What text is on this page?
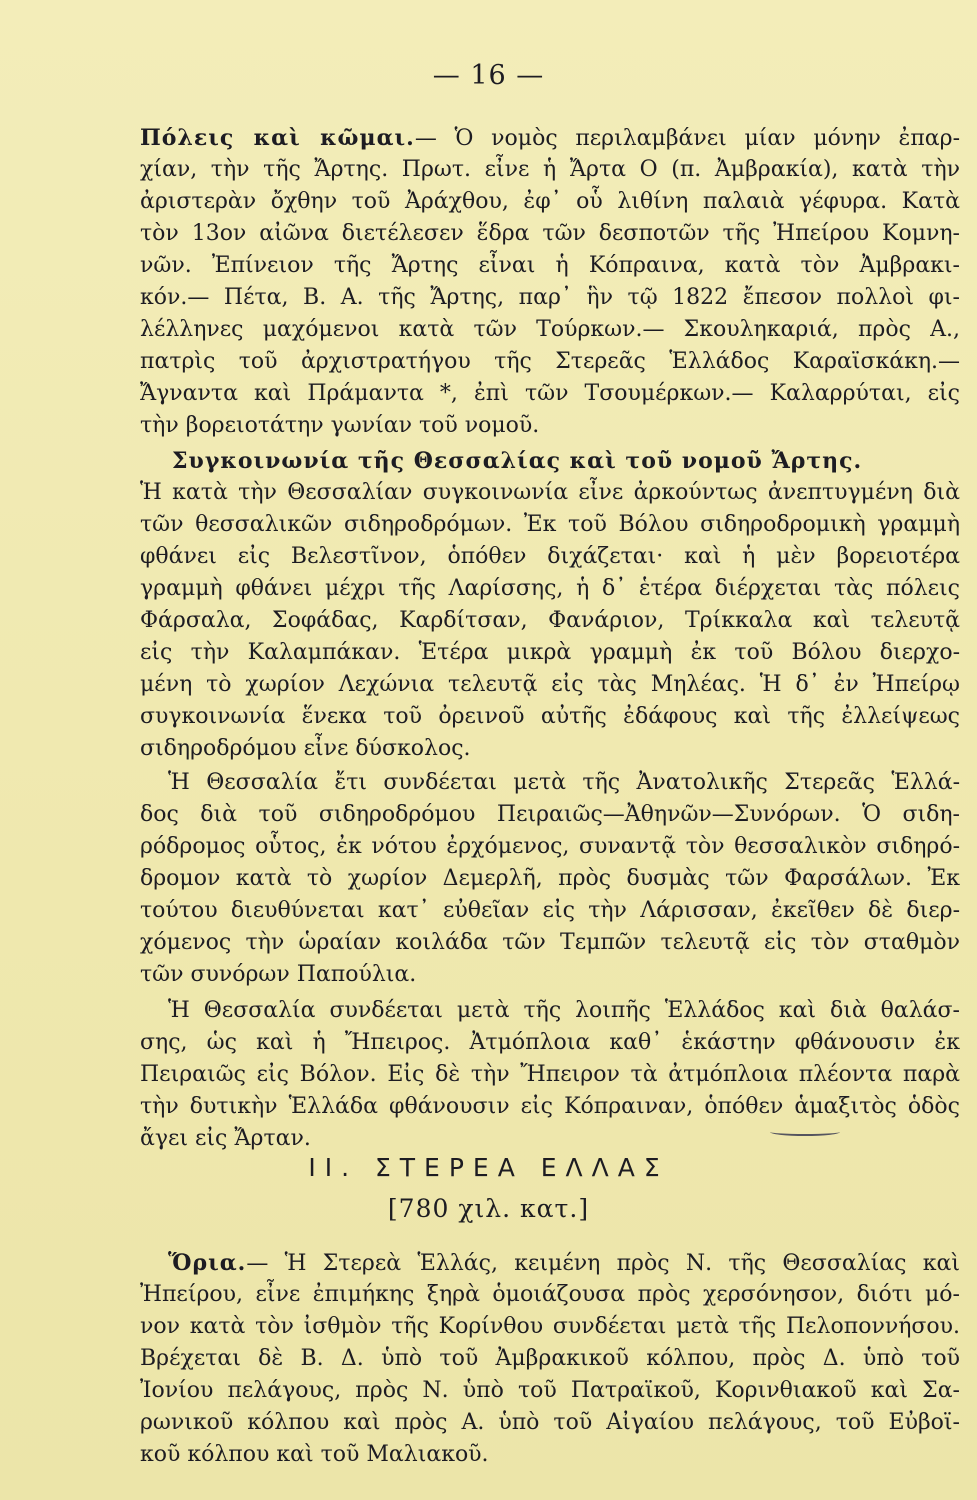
— 16 —
Πόλεις καὶ κῶμαι.— Ὁ νομὸς περιλαμβάνει μίαν μόνην ἐπαρ-
χίαν, τὴν τῆς Ἄρτης. Πρωτ. εἶνε ἡ Ἄρτα Ο (π. Ἀμβρακία), κατὰ τὴν
ἀριστερὰν ὄχθην τοῦ Ἀράχθου, ἐφ᾽ οὗ λιθίνη παλαιὰ γέφυρα. Κατὰ
τὸν 13ον αἰῶνα διετέλεσεν ἕδρα τῶν δεσποτῶν τῆς Ἠπείρου Κομνη-
νῶν. Ἐπίνειον τῆς Ἄρτης εἶναι ἡ Κόπραινα, κατὰ τὸν Ἀμβρακι-
κόν.— Πέτα, Β. Α. τῆς Ἄρτης, παρ᾽ ἣν τῷ 1822 ἔπεσον πολλοὶ φι-
λέλληνες μαχόμενοι κατὰ τῶν Τούρκων.— Σκουληκαριά, πρὸς Α.,
πατρὶς τοῦ ἀρχιστρατήγου τῆς Στερεᾶς Ἑλλάδος Καραϊσκάκη.—
Ἄγναντα καὶ Πράμαντα *, ἐπὶ τῶν Τσουμέρκων.— Καλαρρύται, εἰς
τὴν βορειοτάτην γωνίαν τοῦ νομοῦ.
Συγκοινωνία τῆς Θεσσαλίας καὶ τοῦ νομοῦ Ἄρτης.
Ἡ κατὰ τὴν Θεσσαλίαν συγκοινωνία εἶνε ἀρκούντως ἀνεπτυγμένη διὰ
τῶν θεσσαλικῶν σιδηροδρόμων. Ἐκ τοῦ Βόλου σιδηροδρομικὴ γραμμὴ
φθάνει εἰς Βελεστῖνον, ὁπόθεν διχάζεται· καὶ ἡ μὲν βορειοτέρα
γραμμὴ φθάνει μέχρι τῆς Λαρίσσης, ἡ δ᾽ ἑτέρα διέρχεται τὰς πόλεις
Φάρσαλα, Σοφάδας, Καρδίτσαν, Φανάριον, Τρίκκαλα καὶ τελευτᾷ
εἰς τὴν Καλαμπάκαν. Ἑτέρα μικρὰ γραμμὴ ἐκ τοῦ Βόλου διερχο-
μένη τὸ χωρίον Λεχώνια τελευτᾷ εἰς τὰς Μηλέας. Ἡ δ᾽ ἐν Ἠπείρῳ
συγκοινωνία ἕνεκα τοῦ ὀρεινοῦ αὐτῆς ἐδάφους καὶ τῆς ἐλλείψεως
σιδηροδρόμου εἶνε δύσκολος.
Ἡ Θεσσαλία ἔτι συνδέεται μετὰ τῆς Ἀνατολικῆς Στερεᾶς Ἑλλά-
δος διὰ τοῦ σιδηροδρόμου Πειραιῶς—Ἀθηνῶν—Συνόρων. Ὁ σιδη-
ρόδρομος οὗτος, ἐκ νότου ἐρχόμενος, συναντᾷ τὸν θεσσαλικὸν σιδηρό-
δρομον κατὰ τὸ χωρίον Δεμερλῆ, πρὸς δυσμὰς τῶν Φαρσάλων. Ἐκ
τούτου διευθύνεται κατ᾽ εὐθεῖαν εἰς τὴν Λάρισσαν, ἐκεῖθεν δὲ διερ-
χόμενος τὴν ὡραίαν κοιλάδα τῶν Τεμπῶν τελευτᾷ εἰς τὸν σταθμὸν
τῶν συνόρων Παπούλια.
Ἡ Θεσσαλία συνδέεται μετὰ τῆς λοιπῆς Ἑλλάδος καὶ διὰ θαλάσ-
σης, ὡς καὶ ἡ Ἤπειρος. Ἀτμόπλοια καθ᾽ ἑκάστην φθάνουσιν ἐκ
Πειραιῶς εἰς Βόλον. Εἰς δὲ τὴν Ἤπειρον τὰ ἀτμόπλοια πλέοντα παρὰ
τὴν δυτικὴν Ἑλλάδα φθάνουσιν εἰς Κόπραιναν, ὁπόθεν ἁμαξιτὸς ὁδὸς
ἄγει εἰς Ἄρταν.
II. ΣΤΕΡΕΑ ΕΛΛΑΣ
[780 χιλ. κατ.]
Ὅρια.— Ἡ Στερεὰ Ἑλλάς, κειμένη πρὸς Ν. τῆς Θεσσαλίας καὶ
Ἠπείρου, εἶνε ἐπιμήκης ξηρὰ ὁμοιάζουσα πρὸς χερσόνησον, διότι μό-
νον κατὰ τὸν ἰσθμὸν τῆς Κορίνθου συνδέεται μετὰ τῆς Πελοποννήσου.
Βρέχεται δὲ Β. Δ. ὑπὸ τοῦ Ἀμβρακικοῦ κόλπου, πρὸς Δ. ὑπὸ τοῦ
Ἰονίου πελάγους, πρὸς Ν. ὑπὸ τοῦ Πατραϊκοῦ, Κορινθιακοῦ καὶ Σα-
ρωνικοῦ κόλπου καὶ πρὸς Α. ὑπὸ τοῦ Αἰγαίου πελάγους, τοῦ Εὐβοϊ-
κοῦ κόλπου καὶ τοῦ Μαλιακοῦ.
